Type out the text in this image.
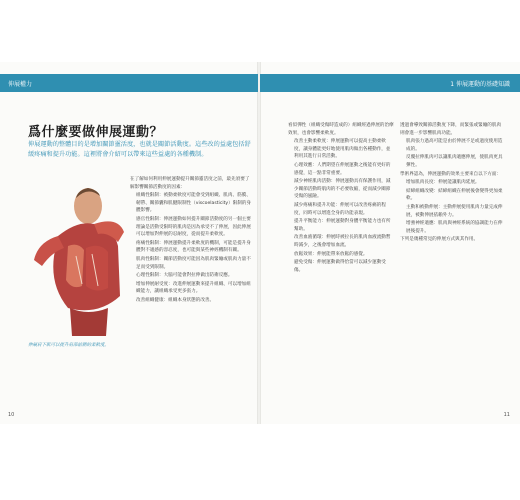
伸展權力	1 伸展運動的基礎知識
爲什麼要做伸展運動？
伸展運動的整體目的是增加關節靈活度，也就是關節活動度。這些改的益處包括舒緩疼痛和提升功能。這裡將會介紹可以帶來這些益處的各種機制。
伸展肩下肌可以提升肩部前側的柔軟度。

在了解如何利用伸展運動提升關節靈活度之前，最先須要了解影響關節活動度的因素：

組織性限制：被動柔軟度可能會受到組織、肌肉、筋膜、韌帶、關節囊和肌腱限制性（viscoelasticity）限制的身體影響。

感官性限制：伸展運動如何提升關節活動度的另一個主要理論是活動受限時的肌肉是因為承受不了伸展，因此伸展可以增加對伸展的忍耐度，從而提升柔軟度。

疼痛性限制：伸展運動提升柔軟度的機制，可能是提升身體對不適感的容忍度，也可能與某些神經機制有關。

肌肉性限制：關節活動度可能因為肌肉緊繃或肌肉力量不足而受到限制。

心理性限制：大腦可能會對拉伸做出防衛反應。

增加伸展耐受度：改進伸展運動來提升組織、可以增加組織能力，讓組織承受更多張力。

改善組織健康：組織本身狀態的改善。

看似彈性（組織受傷時造成的）組織經過伸展的治療效果，也會影響柔軟度。

改善主動柔軟度：伸展運動可以提高主動柔軟度，讓身體能更好地使用肌肉做出各種動作，並利用其進行日常活動。

心理效應：人們期望在伸展運動之後能有更好的感覺，這一點非常重要。

減少神經肌肉活動：伸展運動具有保護作用，減少關節活動時肌肉的不必要收縮，從而減少關節受傷的風險。

減少疼痛和提升功能：伸展可以改善疼痛的程度，同時可以增進全身的功能表現。

提升平衡能力：伸展運動對身體平衡能力也有所幫助。

改善血液循環：伸展時被拉長的肌肉血液流動暫時減少，之後會增加血流。

放鬆效果：伸展能帶來放鬆的感覺。

避免受傷：伸展運動做得恰當可以減少運動受傷。

透過會導致關節活動度下降，而緊張或緊繃的肌肉則會進一步影響肌肉功能。

肌肉張力過高可能是由於伸展不足或過度使用造成的。

反覆拉伸肌肉可以讓肌肉適應伸展，使肌肉更具彈性。

學術界認為，伸展運動的效果主要來自以下方面：

增加肌肉長度：伸展能讓肌肉延展。

結締組織改變：結締組織在伸展後會變得更加柔軟。

主動和被動伸展：主動伸展使用肌肉力量完成伸展，被動伸展依賴外力。

增強神經適應：肌肉與神經系統的協調能力在伸展後提升。

下列是幾種常見的伸展方式與其作用。

10	11
